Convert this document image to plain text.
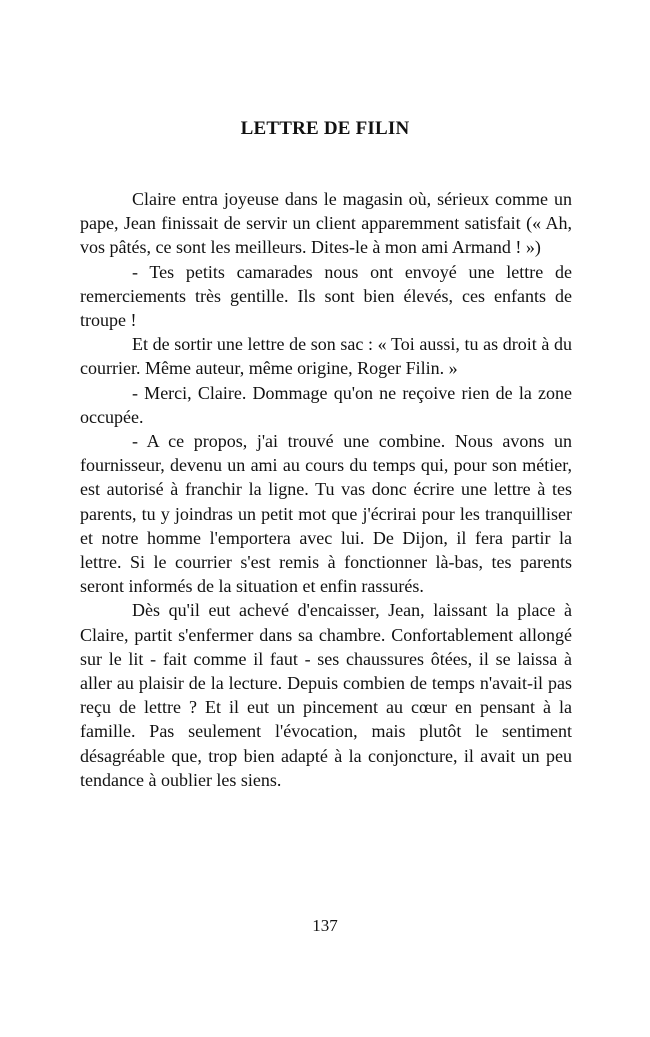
LETTRE DE FILIN

Claire entra joyeuse dans le magasin où, sérieux comme un pape, Jean finissait de servir un client apparemment satisfait (« Ah, vos pâtés, ce sont les meilleurs. Dites-le à mon ami Armand ! »)

- Tes petits camarades nous ont envoyé une lettre de remerciements très gentille. Ils sont bien élevés, ces enfants de troupe !

Et de sortir une lettre de son sac : « Toi aussi, tu as droit à du courrier. Même auteur, même origine, Roger Filin. »

- Merci, Claire. Dommage qu'on ne reçoive rien de la zone occupée.

- A ce propos, j'ai trouvé une combine. Nous avons un fournisseur, devenu un ami au cours du temps qui, pour son métier, est autorisé à franchir la ligne. Tu vas donc écrire une lettre à tes parents, tu y joindras un petit mot que j'écrirai pour les tranquilliser et notre homme l'emportera avec lui. De Dijon, il fera partir la lettre. Si le courrier s'est remis à fonctionner là-bas, tes parents seront informés de la situation et enfin rassurés.

Dès qu'il eut achevé d'encaisser, Jean, laissant la place à Claire, partit s'enfermer dans sa chambre. Confortablement allongé sur le lit - fait comme il faut - ses chaussures ôtées, il se laissa à aller au plaisir de la lecture. Depuis combien de temps n'avait-il pas reçu de lettre ? Et il eut un pincement au cœur en pensant à la famille. Pas seulement l'évocation, mais plutôt le sentiment désagréable que, trop bien adapté à la conjoncture, il avait un peu tendance à oublier les siens.

137
